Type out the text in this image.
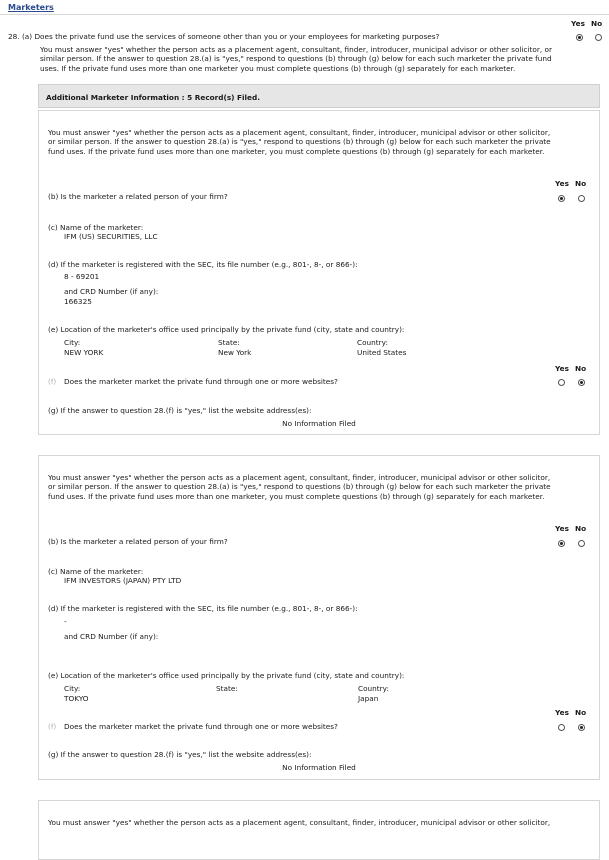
Marketers
Yes No
28. (a) Does the private fund use the services of someone other than you or your employees for marketing purposes?
You must answer "yes" whether the person acts as a placement agent, consultant, finder, introducer, municipal advisor or other solicitor, or
similar person. If the answer to question 28.(a) is "yes," respond to questions (b) through (g) below for each such marketer the private fund
uses. If the private fund uses more than one marketer you must complete questions (b) through (g) separately for each marketer.
Additional Marketer Information : 5 Record(s) Filed.
You must answer "yes" whether the person acts as a placement agent, consultant, finder, introducer, municipal advisor or other solicitor,
or similar person. If the answer to question 28.(a) is "yes," respond to questions (b) through (g) below for each such marketer the private
fund uses. If the private fund uses more than one marketer, you must complete questions (b) through (g) separately for each marketer.
Yes No
(b) Is the marketer a related person of your firm?
(c) Name of the marketer:
IFM (US) SECURITIES, LLC
(d) If the marketer is registered with the SEC, its file number (e.g., 801-, 8-, or 866-):
8 - 69201
and CRD Number (if any):
166325
(e) Location of the marketer's office used principally by the private fund (city, state and country):
City:
NEW YORK
State:
New York
Country:
United States
Yes No
(f) Does the marketer market the private fund through one or more websites?
(g) If the answer to question 28.(f) is "yes," list the website address(es):
No Information Filed
You must answer "yes" whether the person acts as a placement agent, consultant, finder, introducer, municipal advisor or other solicitor,
or similar person. If the answer to question 28.(a) is "yes," respond to questions (b) through (g) below for each such marketer the private
fund uses. If the private fund uses more than one marketer, you must complete questions (b) through (g) separately for each marketer.
Yes No
(b) Is the marketer a related person of your firm?
(c) Name of the marketer:
IFM INVESTORS (JAPAN) PTY LTD
(d) If the marketer is registered with the SEC, its file number (e.g., 801-, 8-, or 866-):
-
and CRD Number (if any):
(e) Location of the marketer's office used principally by the private fund (city, state and country):
City:
TOKYO
State:	Country:
Japan
Yes No
(f) Does the marketer market the private fund through one or more websites?
(g) If the answer to question 28.(f) is "yes," list the website address(es):
No Information Filed
You must answer "yes" whether the person acts as a placement agent, consultant, finder, introducer, municipal advisor or other solicitor,
